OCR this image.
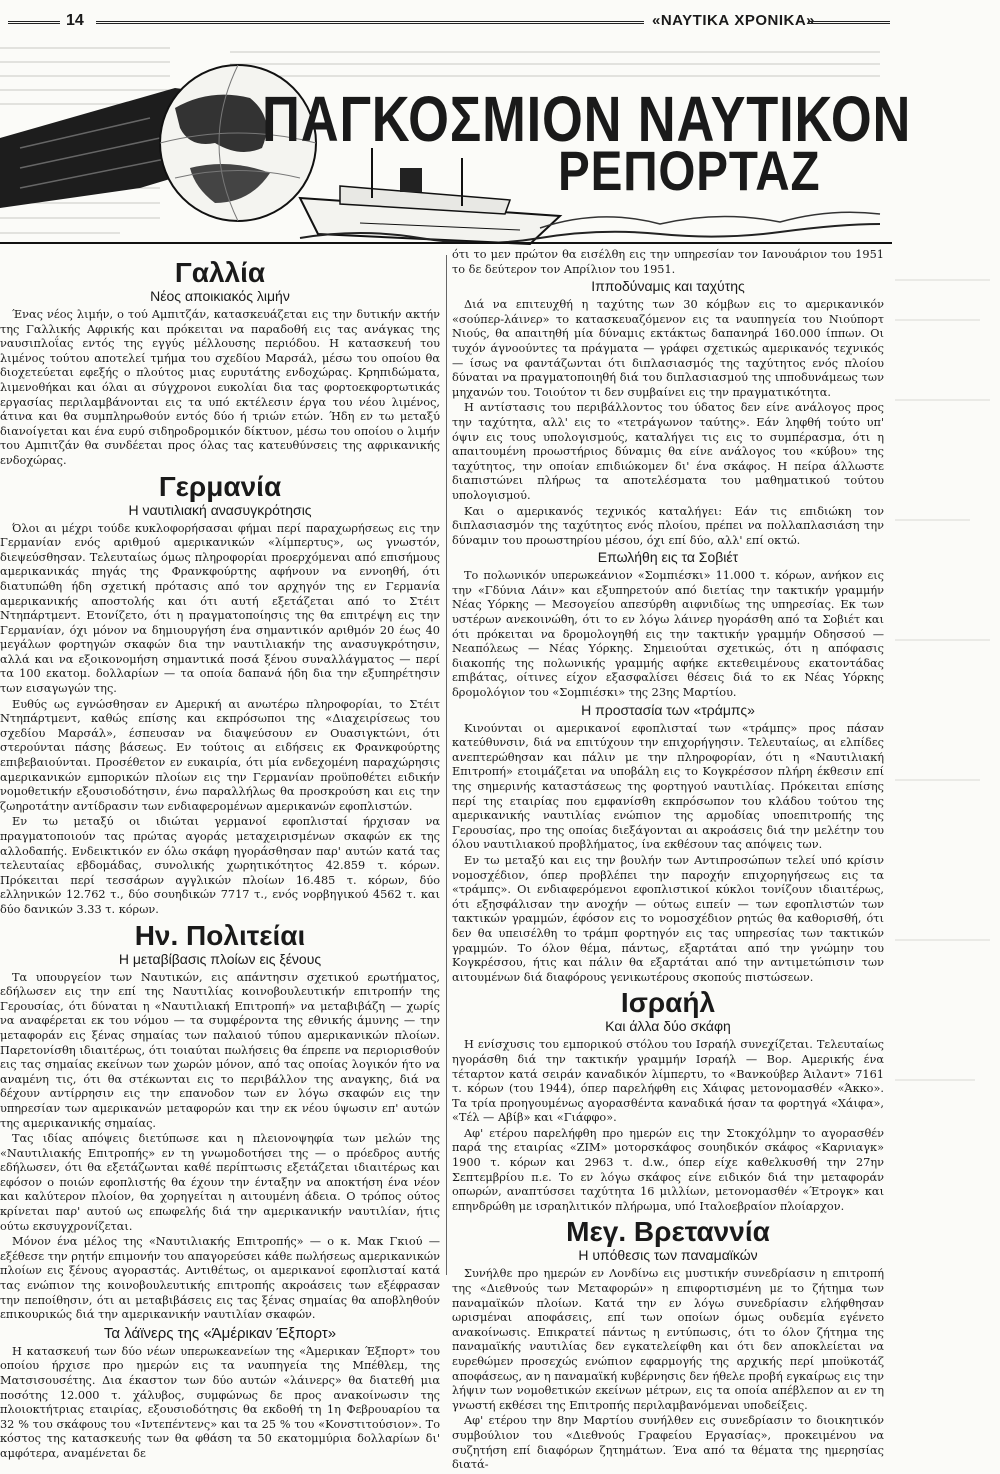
14	«ΝΑΥΤΙΚΑ ΧΡΟΝΙΚΑ»
ΠΑΓΚΟΣΜΙΟΝ ΝΑΥΤΙΚΟΝ
ΡΕΠΟΡΤΑΖ
Γαλλία
Νέος αποικιακός λιμήν

Ένας νέος λιμήν, ο τού Αμπιτζάν, κατασκευάζεται εις την δυτικήν ακτήν της Γαλλικής Αφρικής και πρόκειται να παραδοθή εις τας ανάγκας της ναυσιπλοΐας εντός της εγγύς μέλλουσης περιόδου. Η κατασκευή του λιμένος τούτου αποτελεί τμήμα του σχεδίου Μαρσάλ, μέσω του οποίου θα διοχετεύεται εφεξής ο πλούτος μιας ευρυτάτης ενδοχώρας. Κρηπιδώματα, λιμενοθήκαι και όλαι αι σύγχρονοι ευκολίαι δια τας φορτοεκφορτωτικάς εργασίας περιλαμβάνονται εις τα υπό εκτέλεσιν έργα του νέου λιμένος, άτινα και θα συμπληρωθούν εντός δύο ή τριών ετών. Ήδη εν τω μεταξύ διανοίγεται και ένα ευρύ σιδηροδρομικόν δίκτυον, μέσω του οποίου ο λιμήν του Αμπιτζάν θα συνδέεται προς όλας τας κατευθύνσεις της αφρικανικής ενδοχώρας.

Γερμανία
Η ναυτιλιακή ανασυγκρότησις

Όλοι αι μέχρι τούδε κυκλοφορήσασαι φήμαι περί παραχωρήσεως εις την Γερμανίαν ενός αριθμού αμερικανικών «λίμπερτυς», ως γνωστόν, διεψεύσθησαν. Τελευταίως όμως πληροφορίαι προερχόμεναι από επισήμους αμερικανικάς πηγάς της Φρανκφούρτης αφήνουν να εννοηθή, ότι διατυπώθη ήδη σχετική πρότασις από τον αρχηγόν της εν Γερμανία αμερικανικής αποστολής και ότι αυτή εξετάζεται από το Στέιτ Ντηπάρτμεντ. Ετονίζετο, ότι η πραγματοποίησις της θα επιτρέψη εις την Γερμανίαν, όχι μόνον να δημιουργήση ένα σημαντικόν αριθμόν 20 έως 40 μεγάλων φορτηγών σκαφών δια την ναυτιλιακήν της ανασυγκρότησιν, αλλά και να εξοικονομήση σημαντικά ποσά ξένου συναλλάγματος — περί τα 100 εκατομ. δολλαρίων — τα οποία δαπανά ήδη δια την εξυπηρέτησιν των εισαγωγών της.

Ευθύς ως εγνώσθησαν εν Αμερική αι ανωτέρω πληροφορίαι, το Στέιτ Ντηπάρτμεντ, καθώς επίσης και εκπρόσωποι της «Διαχειρίσεως του σχεδίου Μαρσάλ», έσπευσαν να διαψεύσουν εν Ουασιγκτώνι, ότι στερούνται πάσης βάσεως. Εν τούτοις αι ειδήσεις εκ Φρανκφούρτης επιβεβαιούνται. Προσέθετον εν ευκαιρία, ότι μία ενδεχομένη παραχώρησις αμερικανικών εμπορικών πλοίων εις την Γερμανίαν προϋποθέτει ειδικήν νομοθετικήν εξουσιοδότησιν, ένω παραλλήλως θα προσκρούση και εις την ζωηροτάτην αντίδρασιν των ενδιαφερομένων αμερικανών εφοπλιστών.

Εν τω μεταξύ οι ιδιώται γερμανοί εφοπλισταί ήρχισαν να πραγματοποιούν τας πρώτας αγοράς μεταχειρισμένων σκαφών εκ της αλλοδαπής. Ενδεικτικόν εν όλω σκάφη ηγοράσθησαν παρ' αυτών κατά τας τελευταίας εβδομάδας, συνολικής χωρητικότητος 42.859 τ. κόρων. Πρόκειται περί τεσσάρων αγγλικών πλοίων 16.485 τ. κόρων, δύο ελληνικών 12.762 τ., δύο σουηδικών 7717 τ., ενός νορβηγικού 4562 τ. και δύο δανικών 3.33 τ. κόρων.

Ην. Πολιτείαι
Η μεταβίβασις πλοίων εις ξένους

Τα υπουργείον των Ναυτικών, εις απάντησιν σχετικού ερωτήματος, εδήλωσεν εις την επί της Ναυτιλίας κοινοβουλευτικήν επιτροπήν της Γερουσίας, ότι δύναται η «Ναυτιλιακή Επιτροπή» να μεταβιβάζη — χωρίς να αναφέρεται εκ του νόμου — τα συμφέροντα της εθνικής άμυνης — την μεταφοράν εις ξένας σημαίας των παλαιού τύπου αμερικανικών πλοίων. Παρετονίσθη ιδιαιτέρως, ότι τοιαύται πωλήσεις θα έπρεπε να περιορισθούν εις τας σημαίας εκείνων των χωρών μόνον, από τας οποίας λογικόν ήτο να αναμένη τις, ότι θα στέκωνται εις το περιβάλλον της αναγκης, διά να δέχουν αντίρρησιν εις την επανοδον των εν λόγω σκαφών εις την υπηρεσίαν των αμερικανών μεταφορών και την εκ νέου ύψωσιν επ' αυτών της αμερικανικής σημαίας.

Τας ιδίας απόψεις διετύπωσε και η πλειονοψηφία των μελών της «Ναυτιλιακής Επιτροπής» εν τη γνωμοδοτήσει της — ο πρόεδρος αυτής εδήλωσεν, ότι θα εξετάζωνται καθέ περίπτωσις εξετάζεται ιδιαιτέρως και εφόσον ο ποιών εφοπλιστής θα έχουν την ένταξην να αποκτήση ένα νέον και καλύτερον πλοίον, θα χορηγείται η αιτουμένη άδεια. Ο τρόπος ούτος κρίνεται παρ' αυτού ως επωφελής διά την αμερικανικήν ναυτιλίαν, ήτις ούτω εκσυγχρονίζεται.

Μόνον ένα μέλος της «Ναυτιλιακής Επιτροπής» — ο κ. Μακ Γκιού — εξέθεσε την ρητήν επιμονήν του απαγορεύσει κάθε πωλήσεως αμερικανικών πλοίων εις ξένους αγοραστάς. Αντιθέτως, οι αμερικανοί εφοπλισταί κατά τας ενώπιον της κοινοβουλευτικής επιτροπής ακροάσεις των εξέφρασαν την πεποίθησιν, ότι αι μεταβιβάσεις εις τας ξένας σημαίας θα αποβληθούν επικουρικώς διά την αμερικανικήν ναυτιλίαν σκαφών.

Τα λάϊνερς της «Άμέρικαν Έξπορτ»

Η κατασκευή των δύο νέων υπερωκεανείων της «Άμερικαν Έξπορτ» του οποίου ήρχισε προ ημερών εις τα ναυπηγεία της Μπέθλεμ, της Ματσισουσέτης. Δια έκαστον των δύο αυτών «λάινερς» θα διατεθή μια ποσότης 12.000 τ. χάλυβος, συμφώνως δε προς ανακοίνωσιν της πλοιοκτήτριας εταιρίας, εξουσιοδότησις θα εκδοθή τη 1η Φεβρουαρίου τα 32 % του σκάφους του «Ιντεπέντενς» και τα 25 % του «Κονστιτούσιον». Το κόστος της κατασκευής των θα φθάση τα 50 εκατομμύρια δολλαρίων δι' αμφότερα, αναμένεται δε

ότι το μεν πρώτον θα εισέλθη εις την υπηρεσίαν τον Ιανουάριον του 1951 το δε δεύτερον τον Απρίλιον του 1951.

Ιπποδύναμις και ταχύτης

Διά να επιτευχθή η ταχύτης των 30 κόμβων εις το αμερικανικόν «σούπερ-λάινερ» το κατασκευαζόμενον εις τα ναυπηγεία του Νιούπορτ Νιούς, θα απαιτηθή μία δύναμις εκτάκτως δαπανηρά 160.000 ίππων. Οι τυχόν άγνοούντες τα πράγματα — γράφει σχετικώς αμερικανός τεχνικός — ίσως να φαντάζωνται ότι διπλασιασμός της ταχύτητος ενός πλοίου δύναται να πραγματοποιηθή διά του διπλασιασμού της ιπποδυνάμεως των μηχανών του. Τοιούτον τι δεν συμβαίνει εις την πραγματικότητα.

Η αντίστασις του περιβάλλοντος του ύδατος δεν είνε ανάλογος προς την ταχύτητα, αλλ' εις το «τετράγωνον ταύτης». Εάν ληφθή τούτο υπ' όψιν εις τους υπολογισμούς, καταλήγει τις εις το συμπέρασμα, ότι η απαιτουμένη προωστήριος δύναμις θα είνε ανάλογος του «κύβου» της ταχύτητος, την οποίαν επιδιώκομεν δι' ένα σκάφος. Η πείρα άλλωστε διαπιστώνει πλήρως τα αποτελέσματα του μαθηματικού τούτου υπολογισμού.

Και ο αμερικανός τεχνικός καταλήγει: Εάν τις επιδιώκη τον διπλασιασμόν της ταχύτητος ενός πλοίου, πρέπει να πολλαπλασιάση την δύναμιν του προωστηρίου μέσου, όχι επί δύο, αλλ' επί οκτώ.

Επωλήθη εις τα Σοβιέτ

Το πολωνικόν υπερωκεάνιον «Σομπιέσκι» 11.000 τ. κόρων, ανήκον εις την «Γδύνια Λάιν» και εξυπηρετούν από διετίας την τακτικήν γραμμήν Νέας Υόρκης — Μεσογείου απεσύρθη αιφνιδίως της υπηρεσίας. Εκ των υστέρων ανεκοινώθη, ότι το εν λόγω λάινερ ηγοράσθη από τα Σοβιέτ και ότι πρόκειται να δρομολογηθή εις την τακτικήν γραμμήν Οδησσού — Νεαπόλεως — Νέας Υόρκης. Σημειούται σχετικώς, ότι η απόφασις διακοπής της πολωνικής γραμμής αφήκε εκτεθειμένους εκατοντάδας επιβάτας, οίτινες είχον εξασφαλίσει θέσεις διά το εκ Νέας Υόρκης δρομολόγιον του «Σομπιέσκι» της 23ης Μαρτίου.

Η προστασία των «τράμπς»

Κινούνται οι αμερικανοί εφοπλισταί των «τράμπς» προς πάσαν κατεύθυνσιν, διά να επιτύχουν την επιχορήγησιν. Τελευταίως, αι ελπίδες ανεπτερώθησαν και πάλιν με την πληροφορίαν, ότι η «Ναυτιλιακή Επιτροπή» ετοιμάζεται να υποβάλη εις το Κογκρέσσον πλήρη έκθεσιν επί της σημερινής καταστάσεως της φορτηγού ναυτιλίας. Πρόκειται επίσης περί της εταιρίας που εμφανίσθη εκπρόσωπον του κλάδου τούτου της αμερικανικής ναυτιλίας ενώπιον της αρμοδίας υποεπιτροπής της Γερουσίας, προ της οποίας διεξάγονται αι ακροάσεις διά την μελέτην του όλου ναυτιλιακού προβλήματος, ίνα εκθέσουν τας απόψεις των.

Εν τω μεταξύ και εις την βουλήν των Αντιπροσώπων τελεί υπό κρίσιν νομοσχέδιον, όπερ προβλέπει την παροχήν επιχορηγήσεως εις τα «τράμπς». Οι ενδιαφερόμενοι εφοπλιστικοί κύκλοι τονίζουν ιδιαιτέρως, ότι εξησφάλισαν την ανοχήν — ούτως ειπείν — των εφοπλιστών των τακτικών γραμμών, έφόσον εις το νομοσχέδιον ρητώς θα καθορισθή, ότι δεν θα υπεισέλθη το τράμπ φορτηγόν εις τας υπηρεσίας των τακτικών γραμμών. Το όλον θέμα, πάντως, εξαρτάται από την γνώμην του Κογκρέσσου, ήτις και πάλιν θα εξαρτάται από την αντιμετώπισιν των αιτουμένων διά διαφόρους γενικωτέρους σκοπούς πιστώσεων.

Ισραήλ
Και άλλα δύο σκάφη

Η ενίσχυσις του εμπορικού στόλου του Ισραήλ συνεχίζεται. Τελευταίως ηγοράσθη διά την τακτικήν γραμμήν Ισραήλ — Βορ. Αμερικής ένα τέταρτον κατά σειράν καναδικόν λίμπερτυ, το «Βανκούβερ Άιλαντ» 7161 τ. κόρων (του 1944), όπερ παρελήφθη εις Χάιφας μετονομασθέν «Άκκο». Τα τρία προηγουμένως αγορασθέντα καναδικά ήσαν τα φορτηγά «Χάιφα», «Τέλ — Αβίβ» και «Γιάφφο».

Αφ' ετέρου παρελήφθη προ ημερών εις την Στοκχόλμην το αγορασθέν παρά της εταιρίας «ΖΙΜ» μοτορσκάφος σουηδικόν σκάφος «Καρνιαγκ» 1900 τ. κόρων και 2963 τ. d.w., όπερ είχε καθελκυσθή την 27ην Σεπτεμβρίου π.ε. Το εν λόγω σκάφος είνε ειδικόν διά την μεταφοράν οπωρών, αναπτύσσει ταχύτητα 16 μιλλίων, μετονομασθέν «Έτρογκ» και επηνδρώθη με ισραηλιτικόν πλήρωμα, υπό Ιταλοεβραίον πλοίαρχον.

Μεγ. Βρεταννία
Η υπόθεσις των παναμαϊκών

Συνήλθε προ ημερών εν Λονδίνω εις μυστικήν συνεδρίασιν η επιτροπή της «Διεθνούς των Μεταφορών» η επιφορτισμένη με το ζήτημα των παναμαϊκών πλοίων. Κατά την εν λόγω συνεδρίασιν ελήφθησαν ωρισμέναι αποφάσεις, επί των οποίων όμως ουδεμία εγένετο ανακοίνωσις. Επικρατεί πάντως η εντύπωσις, ότι το όλον ζήτημα της παναμαϊκής ναυτιλίας δεν εγκατελείφθη και ότι δεν αποκλείεται να ευρεθώμεν προσεχώς ενώπιον εφαρμογής της αρχικής περί μποϋκοτάζ αποφάσεως, αν η παναμαϊκή κυβέρνησις δεν ήθελε προβή εγκαίρως εις την λήψιν των νομοθετικών εκείνων μέτρων, εις τα οποία απέβλεπον αι εν τη γνωστή εκθέσει της Επιτροπής περιλαμβανόμεναι υποδείξεις.

Αφ' ετέρου την 8ην Μαρτίου συνήλθεν εις συνεδρίασιν το διοικητικόν συμβούλιον του «Διεθνούς Γραφείου Εργασίας», προκειμένου να συζητήση επί διαφόρων ζητημάτων. Ένα από τα θέματα της ημερησίας διατά-
